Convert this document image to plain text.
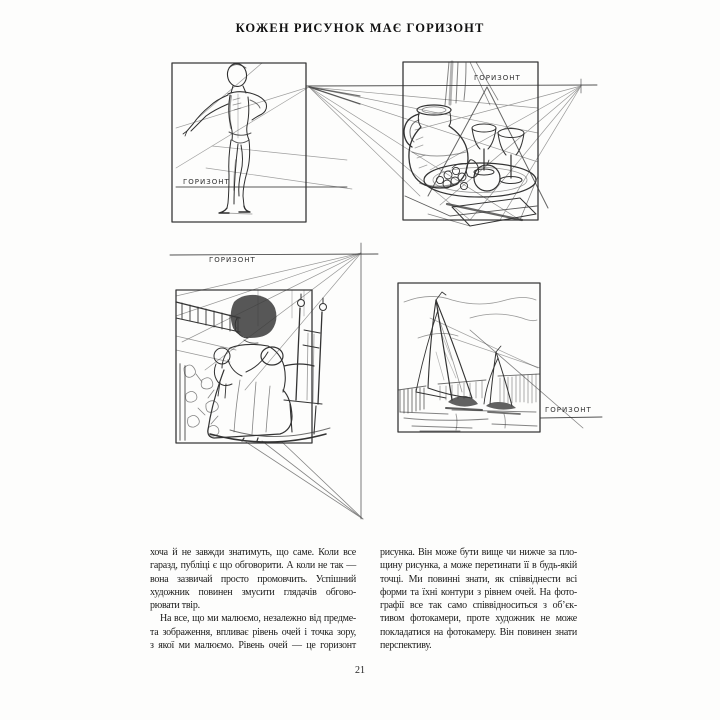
КОЖЕН РИСУНОК МАЄ ГОРИЗОНТ
ГОРИЗОНТ
ГОРИЗОНТ
ГОРИЗОНТ
ГОРИЗОНТ
хоча й не завжди знатимуть, що саме. Коли все
гаразд, публіці є що обговорити. А коли не так —
вона зазвичай просто промовчить. Успішний
художник повинен змусити глядачів обгово-
рювати твір.
На все, що ми малюємо, незалежно від предме-
та зображення, впливає рівень очей і точка зору,
з якої ми малюємо. Рівень очей — це горизонт
рисунка. Він може бути вище чи нижче за пло-
щину рисунка, а може перетинати її в будь-якій
точці. Ми повинні знати, як співвіднести всі
форми та їхні контури з рівнем очей. На фото-
графії все так само співвідноситься з об’єк-
тивом фотокамери, проте художник не може
покладатися на фотокамеру. Він повинен знати
перспективу.
21
